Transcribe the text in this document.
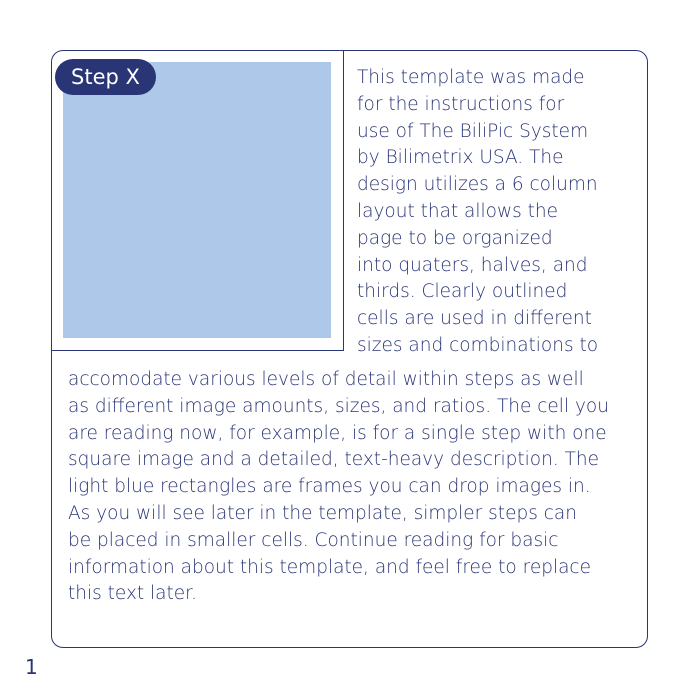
Step X	This template was made

for the instructions for

use of The BiliPic System

by Bilimetrix USA. The

design utilizes a 6 column

layout that allows the

page to be organized

into quaters, halves, and

thirds. Clearly outlined

cells are used in different

sizes and combinations to

accomodate various levels of detail within steps as well

as different image amounts, sizes, and ratios. The cell you

are reading now, for example, is for a single step with one

square image and a detailed, text-heavy description. The

light blue rectangles are frames you can drop images in.

As you will see later in the template, simpler steps can

be placed in smaller cells. Continue reading for basic

information about this template, and feel free to replace

this text later.

1
